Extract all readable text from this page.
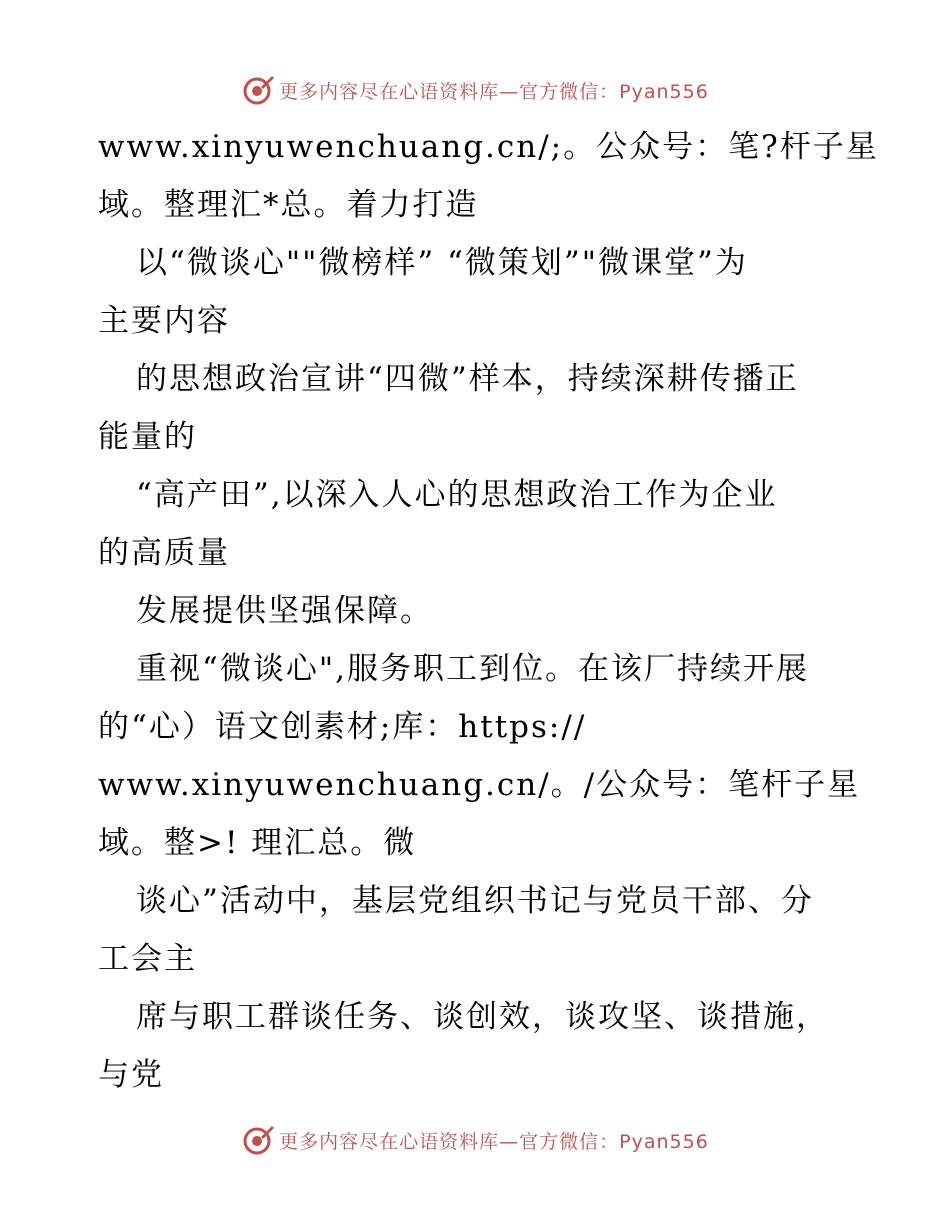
更多内容尽在心语资料库—官方微信：Pyan556
www.xinyuwenchuang.cn/;。公众号：笔?杆子星
域。整理汇*总。着力打造
以“微谈心""微榜样” “微策划”"微课堂”为
主要内容
的思想政治宣讲“四微”样本，持续深耕传播正
能量的
“高产田”,以深入人心的思想政治工作为企业
的高质量
发展提供坚强保障。
重视“微谈心",服务职工到位。在该厂持续开展
的“心）语文创素材;库：https://
www.xinyuwenchuang.cn/。/公众号：笔杆子星
域。整>! 理汇总。微
谈心”活动中，基层党组织书记与党员干部、分
工会主
席与职工群谈任务、谈创效，谈攻坚、谈措施，
与党
更多内容尽在心语资料库—官方微信：Pyan556
